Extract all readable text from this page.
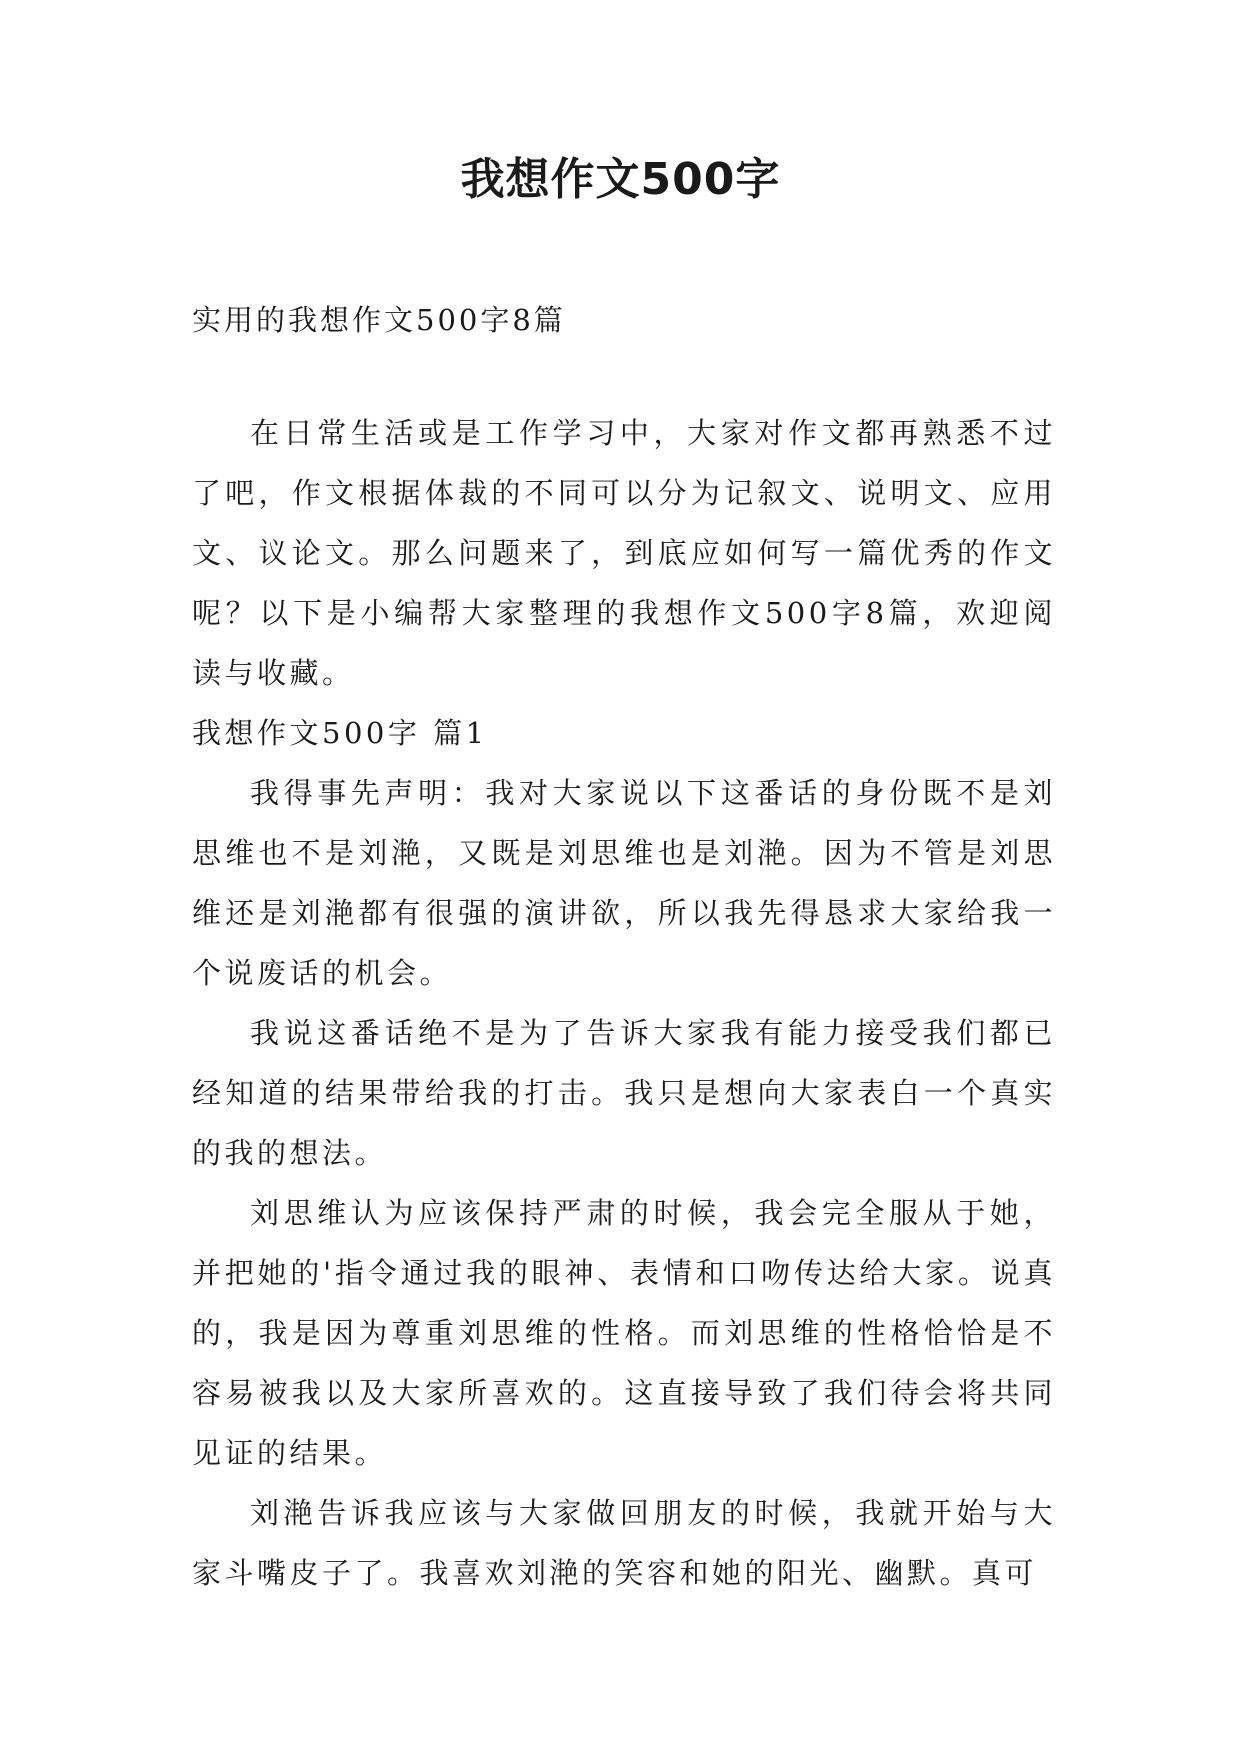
我想作文500字

实用的我想作文500字8篇

在日常生活或是工作学习中，大家对作文都再熟悉不过了吧，作文根据体裁的不同可以分为记叙文、说明文、应用文、议论文。那么问题来了，到底应如何写一篇优秀的作文呢？以下是小编帮大家整理的我想作文500字8篇，欢迎阅读与收藏。

我想作文500字 篇1

我得事先声明：我对大家说以下这番话的身份既不是刘思维也不是刘滟，又既是刘思维也是刘滟。因为不管是刘思维还是刘滟都有很强的演讲欲，所以我先得恳求大家给我一个说废话的机会。

我说这番话绝不是为了告诉大家我有能力接受我们都已经知道的结果带给我的打击。我只是想向大家表白一个真实的我的想法。

刘思维认为应该保持严肃的时候，我会完全服从于她，并把她的'指令通过我的眼神、表情和口吻传达给大家。说真的，我是因为尊重刘思维的性格。而刘思维的性格恰恰是不容易被我以及大家所喜欢的。这直接导致了我们待会将共同见证的结果。

刘滟告诉我应该与大家做回朋友的时候，我就开始与大家斗嘴皮子了。我喜欢刘滟的笑容和她的阳光、幽默。真可
